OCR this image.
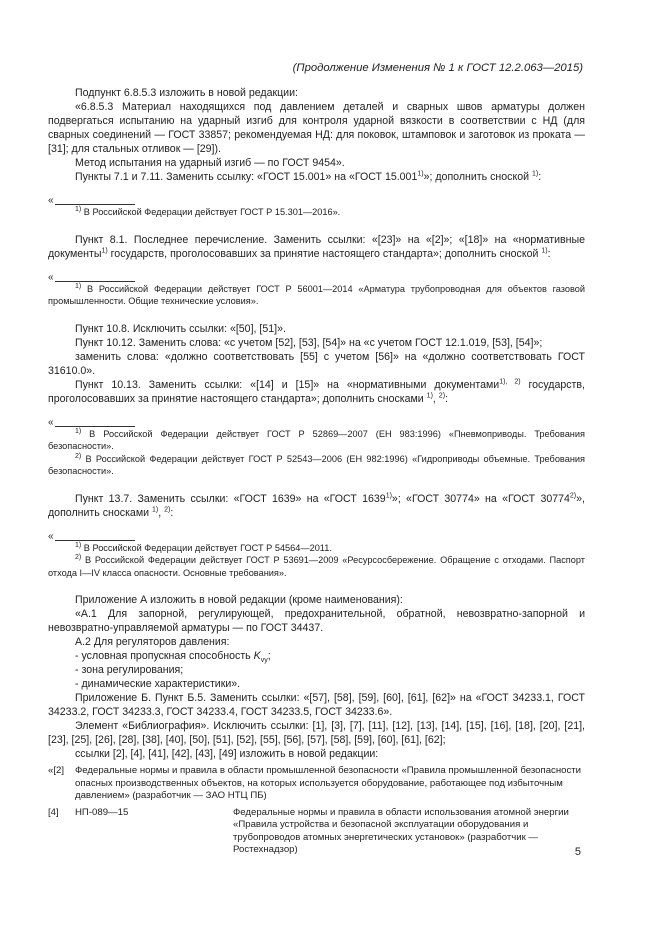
(Продолжение Изменения № 1 к ГОСТ 12.2.063—2015)

Подпункт 6.8.5.3 изложить в новой редакции:

«6.8.5.3 Материал находящихся под давлением деталей и сварных швов арматуры должен подвергаться испытанию на ударный изгиб для контроля ударной вязкости в соответствии с НД (для сварных соединений — ГОСТ 33857; рекомендуемая НД: для поковок, штамповок и заготовок из проката — [31]; для стальных отливок — [29]).

Метод испытания на ударный изгиб — по ГОСТ 9454».

Пункты 7.1 и 7.11. Заменить ссылку: «ГОСТ 15.001» на «ГОСТ 15.001$^{1)}$»; дополнить сноской $^{1)}$:

«

$^{1)}$ В Российской Федерации действует ГОСТ Р 15.301—2016».

Пункт 8.1. Последнее перечисление. Заменить ссылки: «[23]» на «[2]»; «[18]» на «нормативные документы$^{1)}$ государств, проголосовавших за принятие настоящего стандарта»; дополнить сноской $^{1)}$:

«

$^{1)}$ В Российской Федерации действует ГОСТ Р 56001—2014 «Арматура трубопроводная для объектов газовой промышленности. Общие технические условия».

Пункт 10.8. Исключить ссылки: «[50], [51]».

Пункт 10.12. Заменить слова: «с учетом [52], [53], [54]» на «с учетом ГОСТ 12.1.019, [53], [54]»;

заменить слова: «должно соответствовать [55] с учетом [56]» на «должно соответствовать ГОСТ 31610.0».

Пункт 10.13. Заменить ссылки: «[14] и [15]» на «нормативными документами$^{1), 2)}$ государств, проголосовавших за принятие настоящего стандарта»; дополнить сносками $^{1)}$, $^{2)}$:

«

$^{1)}$ В Российской Федерации действует ГОСТ Р 52869—2007 (ЕН 983:1996) «Пневмоприводы. Требования безопасности».

$^{2)}$ В Российской Федерации действует ГОСТ Р 52543—2006 (ЕН 982:1996) «Гидроприводы объемные. Требования безопасности».

Пункт 13.7. Заменить ссылки: «ГОСТ 1639» на «ГОСТ 1639$^{1)}$»; «ГОСТ 30774» на «ГОСТ 30774$^{2)}$», дополнить сносками $^{1)}$, $^{2)}$:

«

$^{1)}$ В Российской Федерации действует ГОСТ Р 54564—2011.

$^{2)}$ В Российской Федерации действует ГОСТ Р 53691—2009 «Ресурсосбережение. Обращение с отходами. Паспорт отхода I—IV класса опасности. Основные требования».

Приложение А изложить в новой редакции (кроме наименования):

«А.1 Для запорной, регулирующей, предохранительной, обратной, невозвратно-запорной и невозвратно-управляемой арматуры — по ГОСТ 34437.

А.2 Для регуляторов давления:

- условная пропускная способность $K_{vy}$;

- зона регулирования;

- динамические характеристики».

Приложение Б. Пункт Б.5. Заменить ссылки: «[57], [58], [59], [60], [61], [62]» на «ГОСТ 34233.1, ГОСТ 34233.2, ГОСТ 34233.3, ГОСТ 34233.4, ГОСТ 34233.5, ГОСТ 34233.6».

Элемент «Библиография». Исключить ссылки: [1], [3], [7], [11], [12], [13], [14], [15], [16], [18], [20], [21], [23], [25], [26], [28], [38], [40], [50], [51], [52], [55], [56], [57], [58], [59], [60], [61], [62];

ссылки [2], [4], [41], [42], [43], [49] изложить в новой редакции:

«[2]	Федеральные нормы и правила в области промышленной безопасности «Правила промышленной безопасности опасных производственных объектов, на которых используется оборудование, работающее под избыточным давлением» (разработчик — ЗАО НТЦ ПБ)
[4]	НП-089—15	Федеральные нормы и правила в области использования атомной энергии «Правила устройства и безопасной эксплуатации оборудования и трубопроводов атомных энергетических установок» (разработчик — Ростехнадзор)	5
